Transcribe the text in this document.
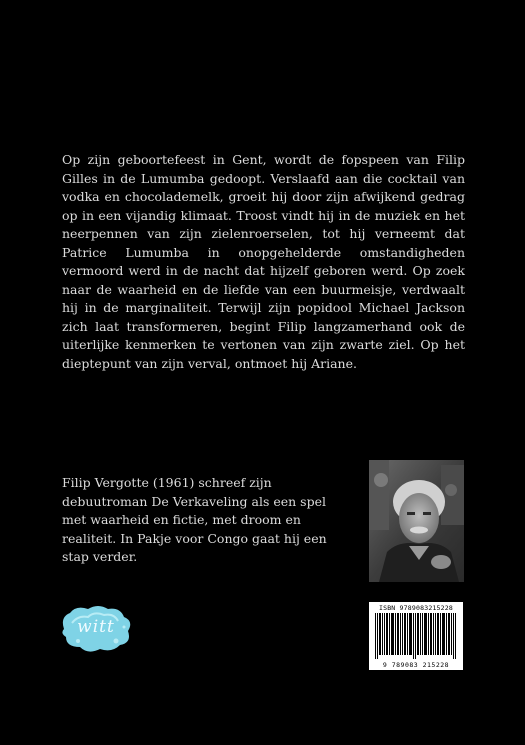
Op zijn geboortefeest in Gent, wordt de fopspeen van Filip Gilles in de Lumumba gedoopt. Verslaafd aan die cocktail van vodka en chocolademelk, groeit hij door zijn afwijkend gedrag op in een vijandig klimaat. Troost vindt hij in de muziek en het neerpennen van zijn zielenroerselen, tot hij verneemt dat Patrice Lumumba in onopgehelderde omstandigheden vermoord werd in de nacht dat hijzelf geboren werd. Op zoek naar de waarheid en de liefde van een buurmeisje, verdwaalt hij in de marginaliteit. Terwijl zijn popidool Michael Jackson zich laat transformeren, begint Filip langzamerhand ook de uiterlijke kenmerken te vertonen van zijn zwarte ziel. Op het dieptepunt van zijn verval, ontmoet hij Ariane.

Filip Vergotte (1961) schreef zijn debuutroman De Verkaveling als een spel met waarheid en fictie, met droom en realiteit. In Pakje voor Congo gaat hij een stap verder.

witt
ISBN 9789083215228
9 789083 215228
